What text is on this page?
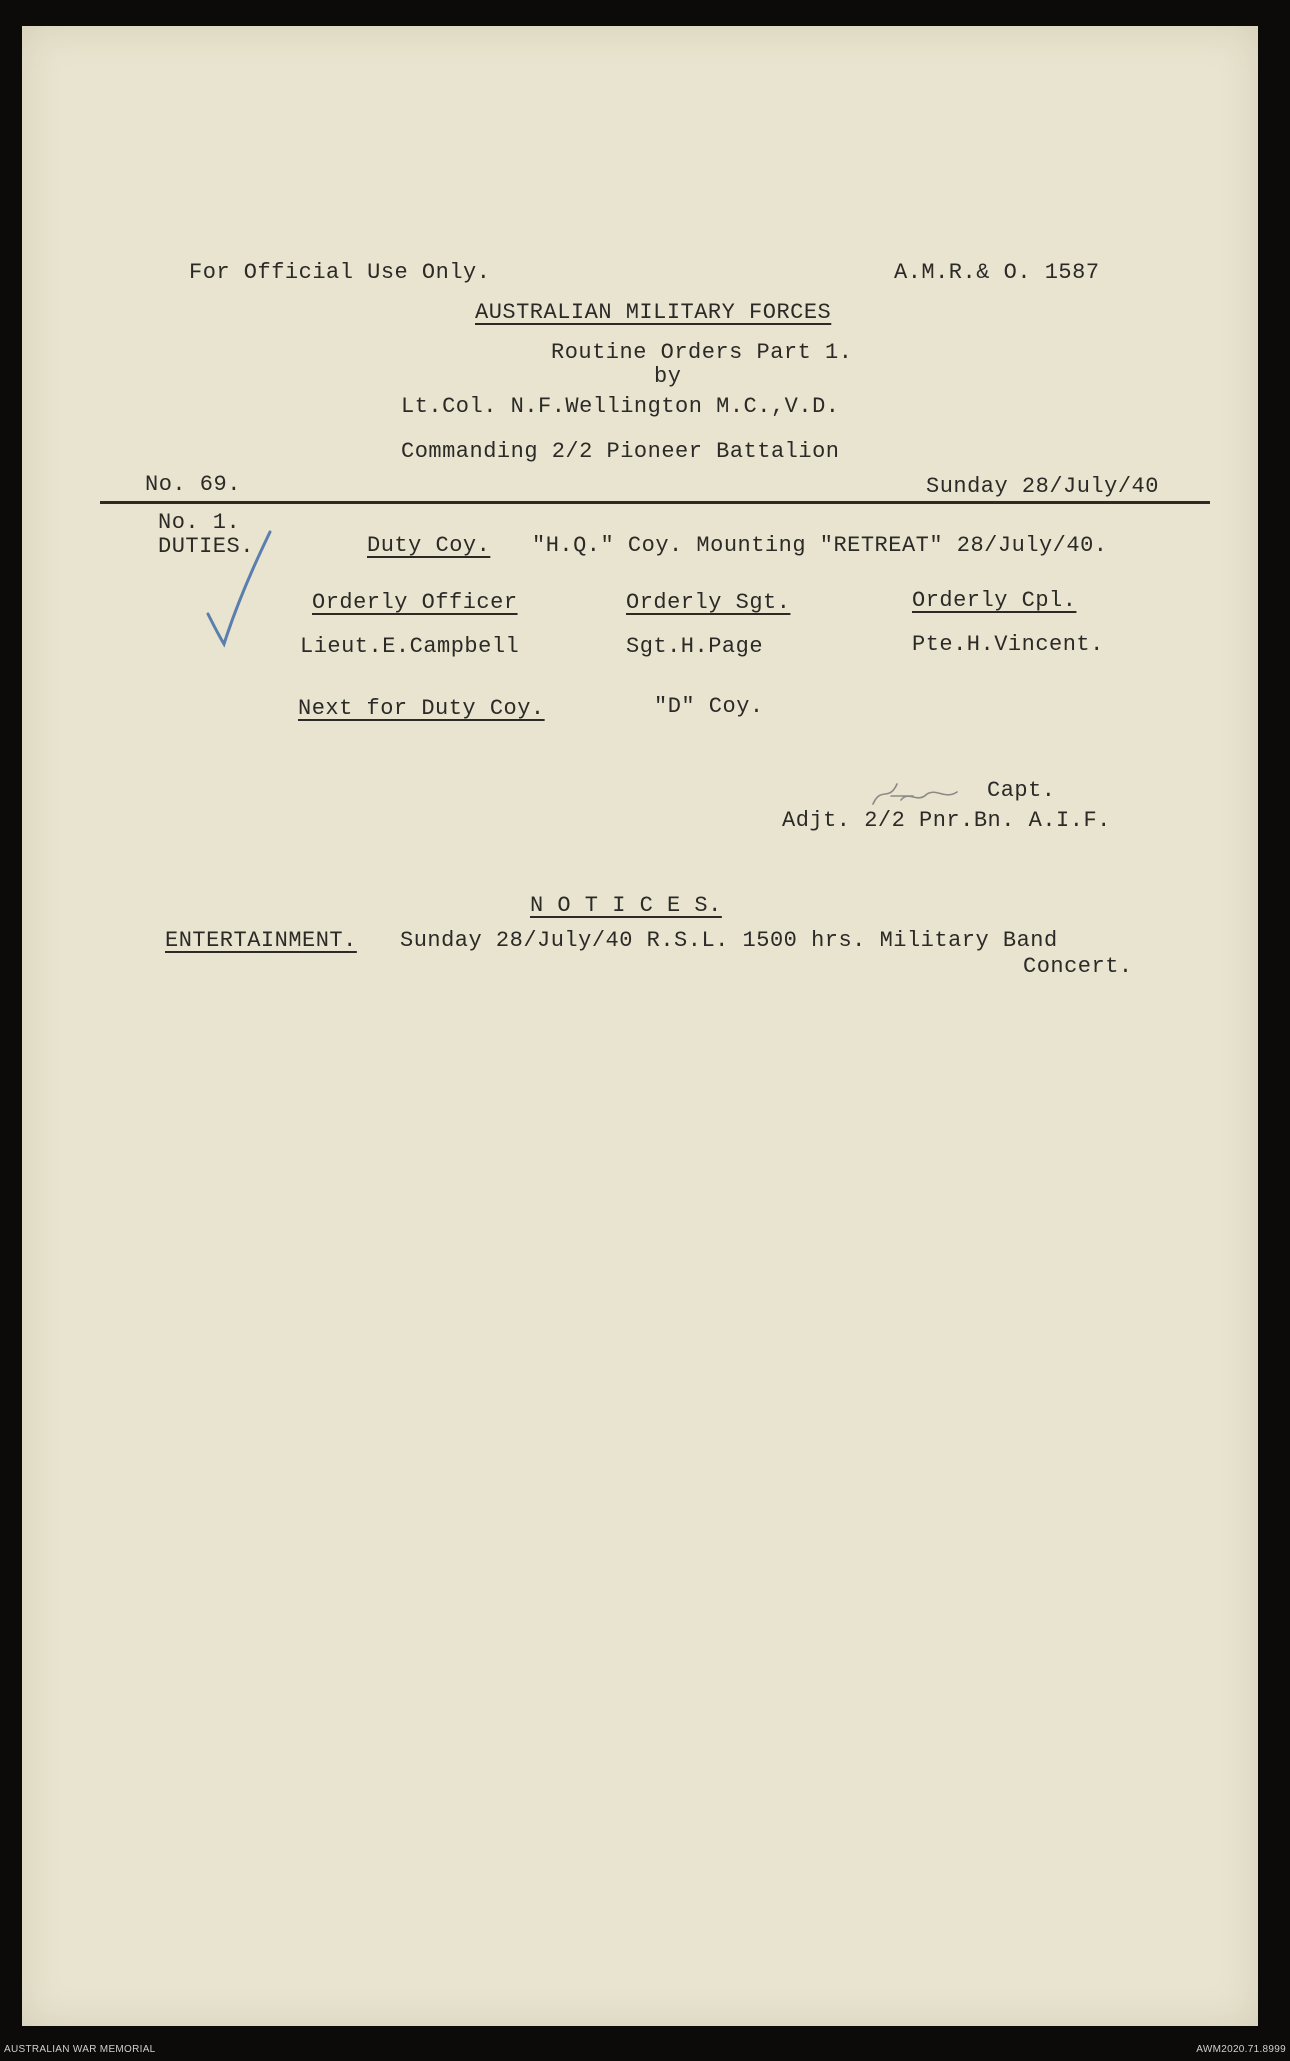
For Official Use Only.	A.M.R.& O. 1587
AUSTRALIAN MILITARY FORCES
Routine Orders Part 1.
by
Lt.Col. N.F.Wellington M.C.,V.D.
Commanding 2/2 Pioneer Battalion
No. 69.	Sunday 28/July/40
No. 1.
DUTIES.	Duty Coy. "H.Q." Coy. Mounting "RETREAT" 28/July/40.
Orderly Officer	Orderly Sgt.	Orderly Cpl.
Lieut.E.Campbell	Sgt.H.Page	Pte.H.Vincent.
Next for Duty Coy.	"D" Coy.
Capt.
Adjt. 2/2 Pnr.Bn. A.I.F.
N O T I C E S.
ENTERTAINMENT. Sunday 28/July/40 R.S.L. 1500 hrs. Military Band
Concert.
AUSTRALIAN WAR MEMORIAL	AWM2020.71.8999
